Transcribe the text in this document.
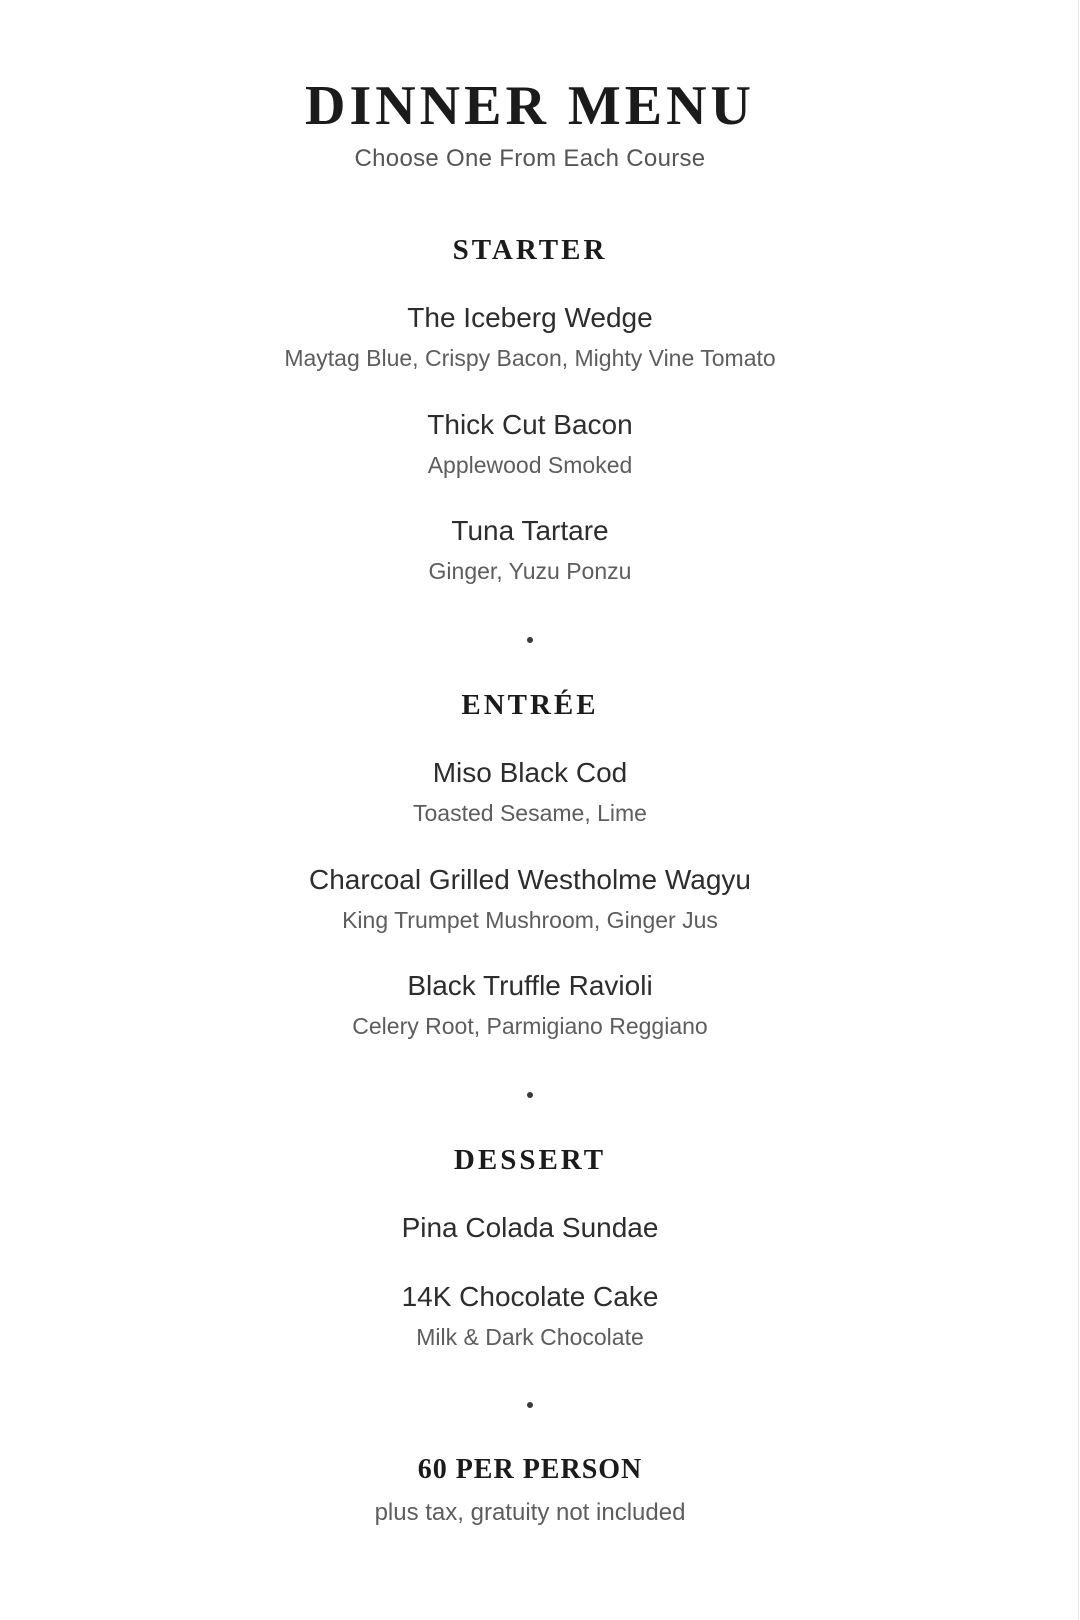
DINNER MENU
Choose One From Each Course
STARTER
The Iceberg Wedge
Maytag Blue, Crispy Bacon, Mighty Vine Tomato
Thick Cut Bacon
Applewood Smoked
Tuna Tartare
Ginger, Yuzu Ponzu
ENTRÉE
Miso Black Cod
Toasted Sesame, Lime
Charcoal Grilled Westholme Wagyu
King Trumpet Mushroom, Ginger Jus
Black Truffle Ravioli
Celery Root, Parmigiano Reggiano
DESSERT
Pina Colada Sundae
14K Chocolate Cake
Milk & Dark Chocolate
60 PER PERSON
plus tax, gratuity not included
